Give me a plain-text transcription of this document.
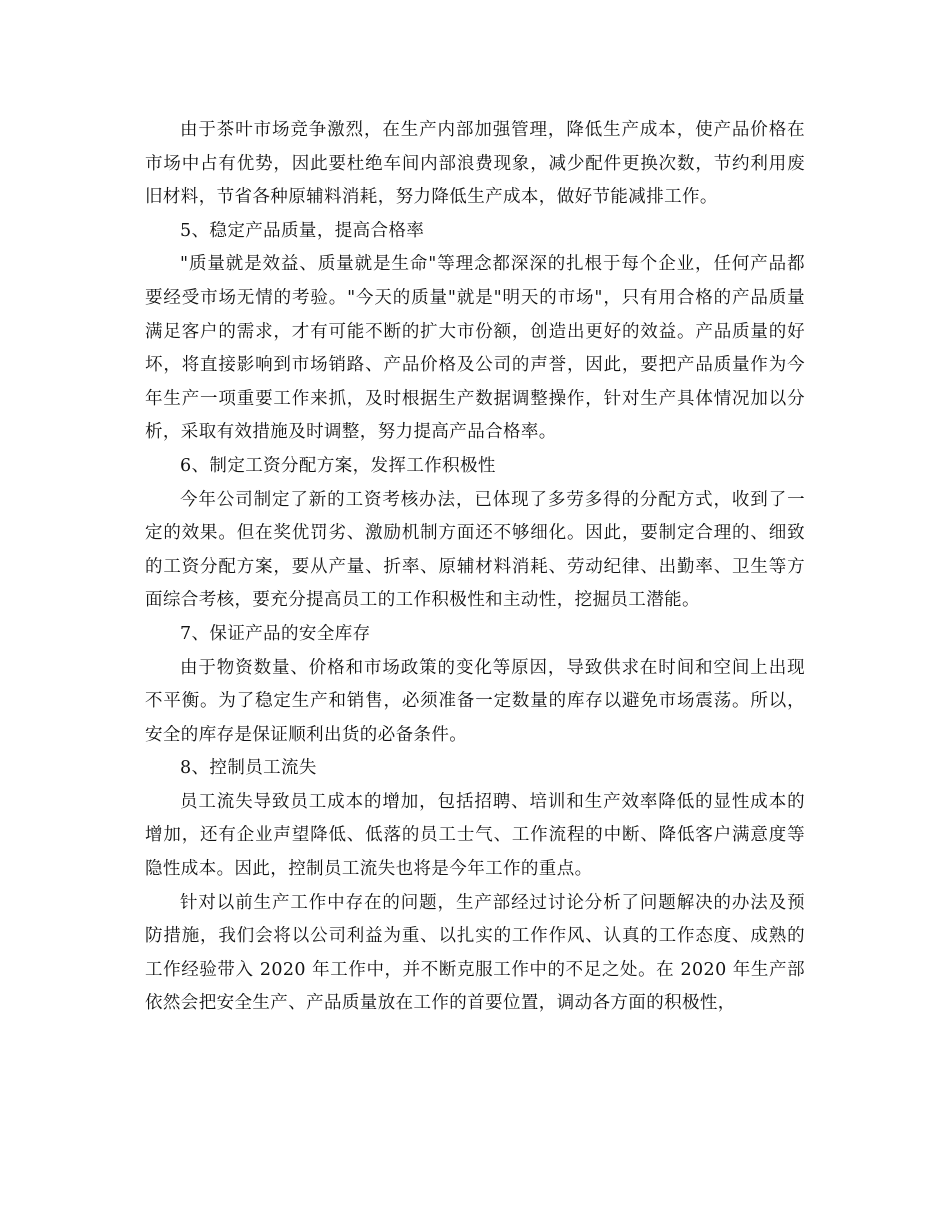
由于茶叶市场竞争激烈，在生产内部加强管理，降低生产成本，使产品价格在市场中占有优势，因此要杜绝车间内部浪费现象，减少配件更换次数，节约利用废旧材料，节省各种原辅料消耗，努力降低生产成本，做好节能减排工作。

5、稳定产品质量，提高合格率

"质量就是效益、质量就是生命"等理念都深深的扎根于每个企业，任何产品都要经受市场无情的考验。"今天的质量"就是"明天的市场"，只有用合格的产品质量满足客户的需求，才有可能不断的扩大市份额，创造出更好的效益。产品质量的好坏，将直接影响到市场销路、产品价格及公司的声誉，因此，要把产品质量作为今年生产一项重要工作来抓，及时根据生产数据调整操作，针对生产具体情况加以分析，采取有效措施及时调整，努力提高产品合格率。

6、制定工资分配方案，发挥工作积极性

今年公司制定了新的工资考核办法，已体现了多劳多得的分配方式，收到了一定的效果。但在奖优罚劣、激励机制方面还不够细化。因此，要制定合理的、细致的工资分配方案，要从产量、折率、原辅材料消耗、劳动纪律、出勤率、卫生等方面综合考核，要充分提高员工的工作积极性和主动性，挖掘员工潜能。

7、保证产品的安全库存

由于物资数量、价格和市场政策的变化等原因，导致供求在时间和空间上出现不平衡。为了稳定生产和销售，必须准备一定数量的库存以避免市场震荡。所以，安全的库存是保证顺利出货的必备条件。

8、控制员工流失

员工流失导致员工成本的增加，包括招聘、培训和生产效率降低的显性成本的增加，还有企业声望降低、低落的员工士气、工作流程的中断、降低客户满意度等隐性成本。因此，控制员工流失也将是今年工作的重点。

针对以前生产工作中存在的问题，生产部经过讨论分析了问题解决的办法及预防措施，我们会将以公司利益为重、以扎实的工作作风、认真的工作态度、成熟的工作经验带入 2020 年工作中，并不断克服工作中的不足之处。在 2020 年生产部依然会把安全生产、产品质量放在工作的首要位置，调动各方面的积极性，
